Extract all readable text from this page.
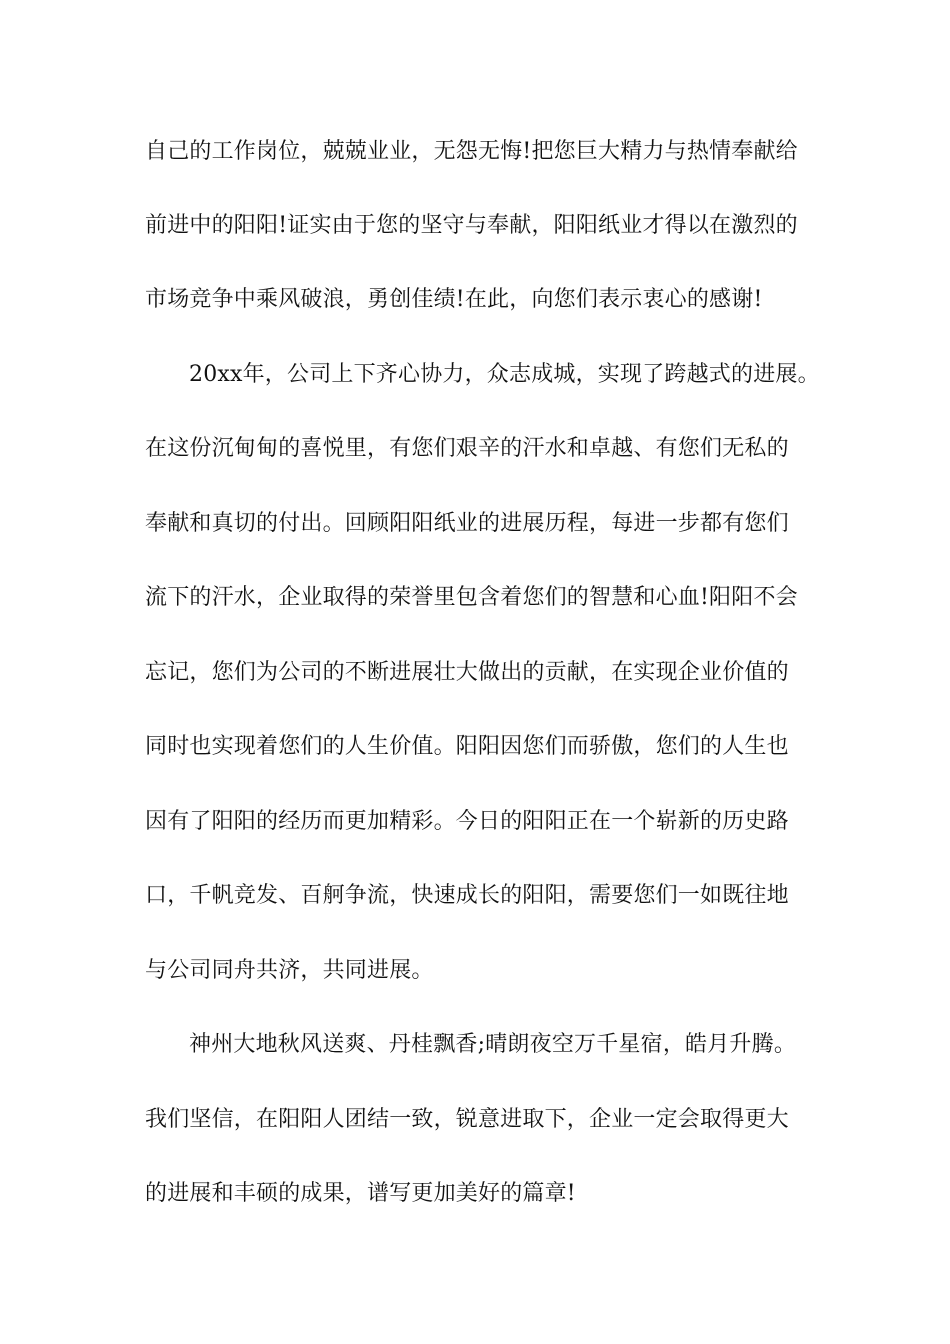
自己的工作岗位，兢兢业业，无怨无悔!把您巨大精力与热情奉献给
前进中的阳阳!证实由于您的坚守与奉献，阳阳纸业才得以在激烈的
市场竞争中乘风破浪，勇创佳绩!在此，向您们表示衷心的感谢!
20xx年，公司上下齐心协力，众志成城，实现了跨越式的进展。
在这份沉甸甸的喜悦里，有您们艰辛的汗水和卓越、有您们无私的
奉献和真切的付出。回顾阳阳纸业的进展历程，每进一步都有您们
流下的汗水，企业取得的荣誉里包含着您们的智慧和心血!阳阳不会
忘记，您们为公司的不断进展壮大做出的贡献，在实现企业价值的
同时也实现着您们的人生价值。阳阳因您们而骄傲，您们的人生也
因有了阳阳的经历而更加精彩。今日的阳阳正在一个崭新的历史路
口，千帆竞发、百舸争流，快速成长的阳阳，需要您们一如既往地
与公司同舟共济，共同进展。
神州大地秋风送爽、丹桂飘香;晴朗夜空万千星宿，皓月升腾。
我们坚信，在阳阳人团结一致，锐意进取下，企业一定会取得更大
的进展和丰硕的成果，谱写更加美好的篇章!
